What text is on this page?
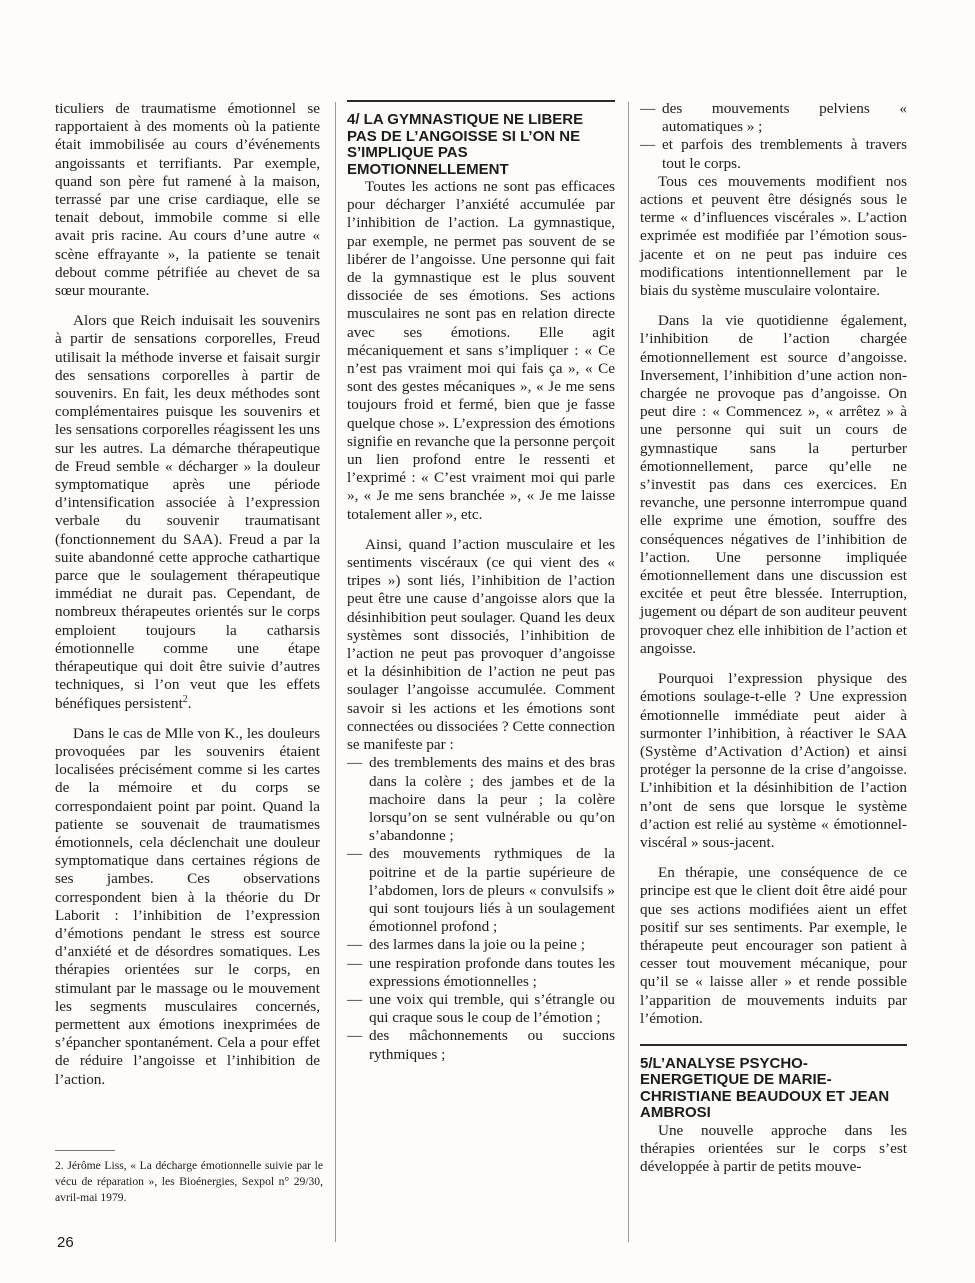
ticuliers de traumatisme émotionnel se rapportaient à des moments où la patiente était immobilisée au cours d’événements angoissants et terrifiants. Par exemple, quand son père fut ramené à la maison, terrassé par une crise cardiaque, elle se tenait debout, immobile comme si elle avait pris racine. Au cours d’une autre « scène effrayante », la patiente se tenait debout comme pétrifiée au chevet de sa sœur mourante.

Alors que Reich induisait les souvenirs à partir de sensations corporelles, Freud utilisait la méthode inverse et faisait surgir des sensations corporelles à partir de souvenirs. En fait, les deux méthodes sont complémentaires puisque les souvenirs et les sensations corporelles réagissent les uns sur les autres. La démarche thérapeutique de Freud semble « décharger » la douleur symptomatique après une période d’intensification associée à l’expression verbale du souvenir traumatisant (fonctionnement du SAA). Freud a par la suite abandonné cette approche cathartique parce que le soulagement thérapeutique immédiat ne durait pas. Cependant, de nombreux thérapeutes orientés sur le corps emploient toujours la catharsis émotionnelle comme une étape thérapeutique qui doit être suivie d’autres techniques, si l’on veut que les effets bénéfiques persistent$^2$.

Dans le cas de Mlle von K., les douleurs provoquées par les souvenirs étaient localisées précisément comme si les cartes de la mémoire et du corps se correspondaient point par point. Quand la patiente se souvenait de traumatismes émotionnels, cela déclenchait une douleur symptomatique dans certaines régions de ses jambes. Ces observations correspondent bien à la théorie du Dr Laborit : l’inhibition de l’expression d’émotions pendant le stress est source d’anxiété et de désordres somatiques. Les thérapies orientées sur le corps, en stimulant par le massage ou le mouvement les segments musculaires concernés, permettent aux émotions inexprimées de s’épancher spontanément. Cela a pour effet de réduire l’angoisse et l’inhibition de l’action.

2. Jérôme Liss, « La décharge émotionnelle suivie par le vécu de réparation », les Bioénergies, Sexpol n° 29/30, avril-mai 1979.
4/ LA GYMNASTIQUE NE LIBERE PAS DE L’ANGOISSE SI L’ON NE S’IMPLIQUE PAS EMOTIONNELLEMENT

Toutes les actions ne sont pas efficaces pour décharger l’anxiété accumulée par l’inhibition de l’action. La gymnastique, par exemple, ne permet pas souvent de se libérer de l’angoisse. Une personne qui fait de la gymnastique est le plus souvent dissociée de ses émotions. Ses actions musculaires ne sont pas en relation directe avec ses émotions. Elle agit mécaniquement et sans s’impliquer : « Ce n’est pas vraiment moi qui fais ça », « Ce sont des gestes mécaniques », « Je me sens toujours froid et fermé, bien que je fasse quelque chose ». L’expression des émotions signifie en revanche que la personne perçoit un lien profond entre le ressenti et l’exprimé : « C’est vraiment moi qui parle », « Je me sens branchée », « Je me laisse totalement aller », etc.

Ainsi, quand l’action musculaire et les sentiments viscéraux (ce qui vient des « tripes ») sont liés, l’inhibition de l’action peut être une cause d’angoisse alors que la désinhibition peut soulager. Quand les deux systèmes sont dissociés, l’inhibition de l’action ne peut pas provoquer d’angoisse et la désinhibition de l’action ne peut pas soulager l’angoisse accumulée. Comment savoir si les actions et les émotions sont connectées ou dissociées ? Cette connection se manifeste par :

— des tremblements des mains et des bras dans la colère ; des jambes et de la machoire dans la peur ; la colère lorsqu’on se sent vulnérable ou qu’on s’abandonne ;
— des mouvements rythmiques de la poitrine et de la partie supérieure de l’abdomen, lors de pleurs « convulsifs » qui sont toujours liés à un soulagement émotionnel profond ;
— des larmes dans la joie ou la peine ;
— une respiration profonde dans toutes les expressions émotionnelles ;
— une voix qui tremble, qui s’étrangle ou qui craque sous le coup de l’émotion ;
— des mâchonnements ou succions rythmiques ;
— des mouvements pelviens « automatiques » ;
— et parfois des tremblements à travers tout le corps.

Tous ces mouvements modifient nos actions et peuvent être désignés sous le terme « d’influences viscérales ». L’action exprimée est modifiée par l’émotion sous-jacente et on ne peut pas induire ces modifications intentionnellement par le biais du système musculaire volontaire.

Dans la vie quotidienne également, l’inhibition de l’action chargée émotionnellement est source d’angoisse. Inversement, l’inhibition d’une action non-chargée ne provoque pas d’angoisse. On peut dire : « Commencez », « arrêtez » à une personne qui suit un cours de gymnastique sans la perturber émotionnellement, parce qu’elle ne s’investit pas dans ces exercices. En revanche, une personne interrompue quand elle exprime une émotion, souffre des conséquences négatives de l’inhibition de l’action. Une personne impliquée émotionnellement dans une discussion est excitée et peut être blessée. Interruption, jugement ou départ de son auditeur peuvent provoquer chez elle inhibition de l’action et angoisse.

Pourquoi l’expression physique des émotions soulage-t-elle ? Une expression émotionnelle immédiate peut aider à surmonter l’inhibition, à réactiver le SAA (Système d’Activation d’Action) et ainsi protéger la personne de la crise d’angoisse. L’inhibition et la désinhibition de l’action n’ont de sens que lorsque le système d’action est relié au système « émotionnel-viscéral » sous-jacent.

En thérapie, une conséquence de ce principe est que le client doit être aidé pour que ses actions modifiées aient un effet positif sur ses sentiments. Par exemple, le thérapeute peut encourager son patient à cesser tout mouvement mécanique, pour qu’il se « laisse aller » et rende possible l’apparition de mouvements induits par l’émotion.

5/L’ANALYSE PSYCHO-ENERGETIQUE DE MARIE-CHRISTIANE BEAUDOUX ET JEAN AMBROSI

Une nouvelle approche dans les thérapies orientées sur le corps s’est développée à partir de petits mouve-

26
